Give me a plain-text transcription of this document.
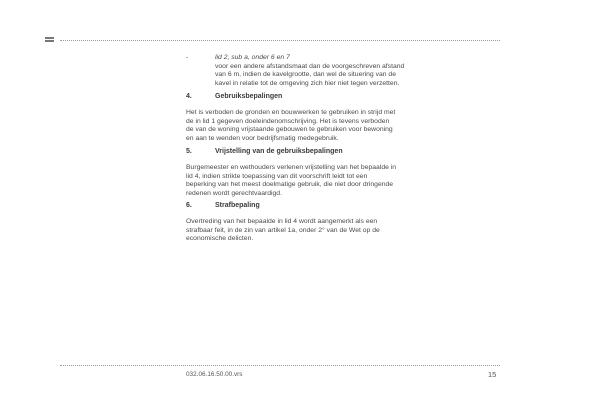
-	lid 2, sub a, onder 6 en 7
voor een andere afstandsmaat dan de voorgeschreven afstand
van 6 m, indien de kavelgrootte, dan wel de situering van de
kavel in relatie tot de omgeving zich hier niet tegen verzetten.
4.	Gebruiksbepalingen
Het is verboden de gronden en bouwwerken te gebruiken in strijd met
de in lid 1 gegeven doeleindenomschrijving. Het is tevens verboden
de van de woning vrijstaande gebouwen te gebruiken voor bewoning
en aan te wenden voor bedrijfsmatig medegebruik.
5.	Vrijstelling van de gebruiksbepalingen
Burgemeester en wethouders verlenen vrijstelling van het bepaalde in
lid 4, indien strikte toepassing van dit voorschrift leidt tot een
beperking van het meest doelmatige gebruik, die niet door dringende
redenen wordt gerechtvaardigd.
6.	Strafbepaling
Overtreding van het bepaalde in lid 4 wordt aangemerkt als een
strafbaar feit, in de zin van artikel 1a, onder 2° van de Wet op de
economische delicten.
032.06.16.50.00.vrs	15
